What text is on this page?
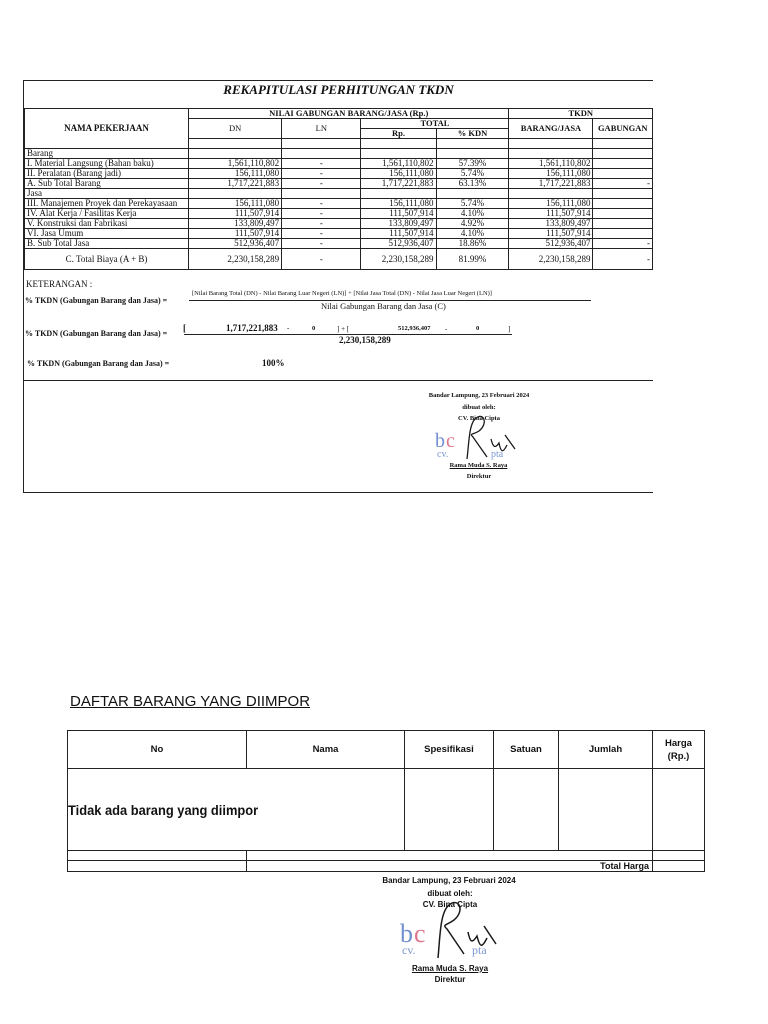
REKAPITULASI PERHITUNGAN TKDN
NAMA PEKERJAAN	NILAI GABUNGAN BARANG/JASA (Rp.)				TKDN	
	DN	LN	TOTAL		BARANG/JASA	GABUNGAN
			Rp.	% KDN		

Barang						
I. Material Langsung (Bahan baku)	1,561,110,802	-	1,561,110,802	57.39%	1,561,110,802	
II. Peralatan (Barang jadi)	156,111,080	-	156,111,080	5.74%	156,111,080	
A. Sub Total Barang	1,717,221,883	-	1,717,221,883	63.13%	1,717,221,883	-
Jasa						
III. Manajemen Proyek dan Perekayasaan	156,111,080	-	156,111,080	5.74%	156,111,080	
IV. Alat Kerja / Fasilitas Kerja	111,507,914	-	111,507,914	4.10%	111,507,914	
V. Konstruksi dan Fabrikasi	133,809,497	-	133,809,497	4.92%	133,809,497	
VI. Jasa Umum	111,507,914	-	111,507,914	4.10%	111,507,914	
B. Sub Total Jasa	512,936,407	-	512,936,407	18.86%	512,936,407	-
C. Total Biaya (A + B)	2,230,158,289	-	2,230,158,289	81.99%	2,230,158,289	-
KETERANGAN :
% TKDN (Gabungan Barang dan Jasa) =
[Nilai Barang Total (DN) - Nilai Barang Luar Negeri (LN)] + [Nilai Jasa Total (DN) - Nilai Jasa Luar Negeri (LN)]
Nilai Gabungan Barang dan Jasa (C)
% TKDN (Gabungan Barang dan Jasa) =
[	1,717,221,883 -	0	] + [	512,936,407 -	0	]
2,230,158,289
% TKDN (Gabungan Barang dan Jasa) =	100%
Bandar Lampung, 23 Februari 2024
dibuat oleh:
CV. Bina Cipta
b c
cv.	pta
Rama Muda S. Raya
Direktur
DAFTAR BARANG YANG DIIMPOR
No	Nama	Spesifikasi	Satuan	Jumlah	Harga (Rp.)
Tidak ada barang yang diimpor					

	Total Harga				
Bandar Lampung, 23 Februari 2024
dibuat oleh:
CV. Bina Cipta
b c
cv.	pta
Rama Muda S. Raya
Direktur
